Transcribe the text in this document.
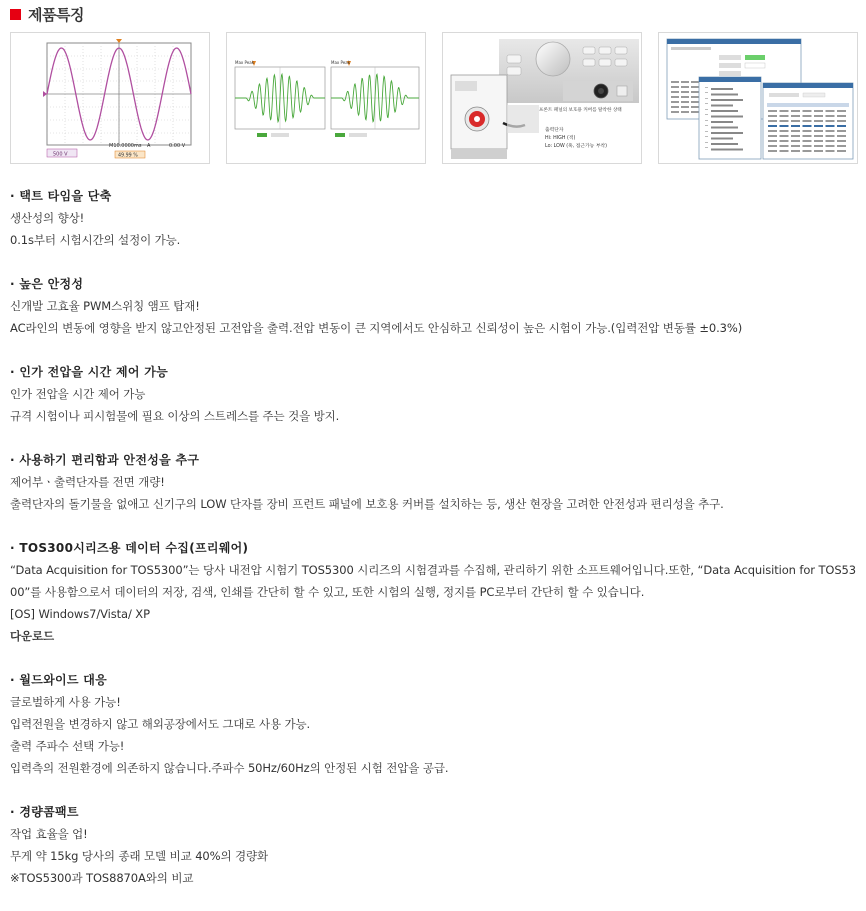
제품특징
500 V
M10.0000ms A	0.00 V
49.99 %
Max Peak	Max Peak
프론트 패널의 보호용 커버를 탈착한 상태
출력단자
Hi: HIGH (적)
Lo: LOW (흑, 접근가능 부착)
· 택트 타임을 단축
생산성의 향상!
0.1s부터 시험시간의 설정이 가능.
· 높은 안정성
신개발 고효율 PWM스위칭 앰프 탑재!
AC라인의 변동에 영향을 받지 않고안정된 고전압을 출력.전압 변동이 큰 지역에서도 안심하고 신뢰성이 높은 시험이 가능.(입력전압 변동률 ±0.3%)
· 인가 전압을 시간 제어 가능
인가 전압을 시간 제어 가능
규격 시험이나 피시험물에 필요 이상의 스트레스를 주는 것을 방지.
· 사용하기 편리함과 안전성을 추구
제어부ㆍ출력단자를 전면 개량!
출력단자의 돌기물을 없애고 신기구의 LOW 단자를 장비 프런트 패널에 보호용 커버를 설치하는 등, 생산 현장을 고려한 안전성과 편리성을 추구.
· TOS300시리즈용 데이터 수집(프리웨어)
“Data Acquisition for TOS5300”는 당사 내전압 시험기 TOS5300 시리즈의 시험결과를 수집해, 관리하기 위한 소프트웨어입니다.또한, “Data Acquisition for TOS5300”를 사용함으로서 데이터의 저장, 검색, 인쇄를 간단히 할 수 있고, 또한 시험의 실행, 정지를 PC로부터 간단히 할 수 있습니다.
[OS] Windows7/Vista/ XP
다운로드
· 월드와이드 대응
글로벌하게 사용 가능!
입력전원을 변경하지 않고 해외공장에서도 그대로 사용 가능.
출력 주파수 선택 가능!
입력측의 전원환경에 의존하지 않습니다.주파수 50Hz/60Hz의 안정된 시험 전압을 공급.
· 경량콤팩트
작업 효율을 업!
무게 약 15kg 당사의 종래 모델 비교 40%의 경량화
※TOS5300과 TOS8870A와의 비교
